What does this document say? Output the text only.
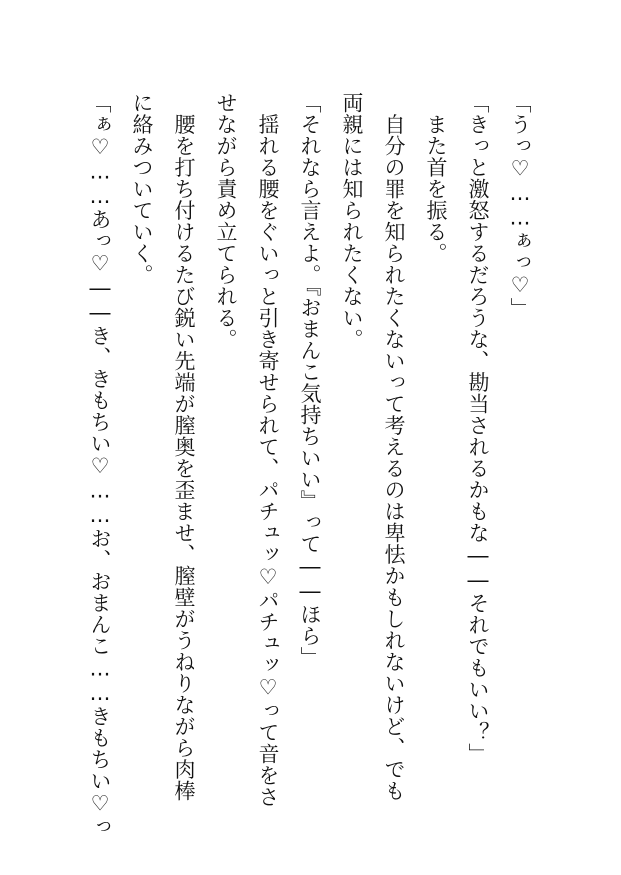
「うっ♡……ぁっ♡」
「きっと激怒するだろうな、勘当されるかもな――それでもいい？」
　また首を振る。
　自分の罪を知られたくないって考えるのは卑怯かもしれないけど、でも
両親には知られたくない。
「それなら言えよ。『おまんこ気持ちいい』って――ほら」
　揺れる腰をぐいっと引き寄せられて、パチュッ♡パチュッ♡って音をさ
せながら責め立てられる。
　腰を打ち付けるたび鋭い先端が膣奥を歪ませ、膣壁がうねりながら肉棒
に絡みついていく。
「ぁ♡……あっ♡――き、きもちい♡……お、おまんこ……きもちい♡っ
